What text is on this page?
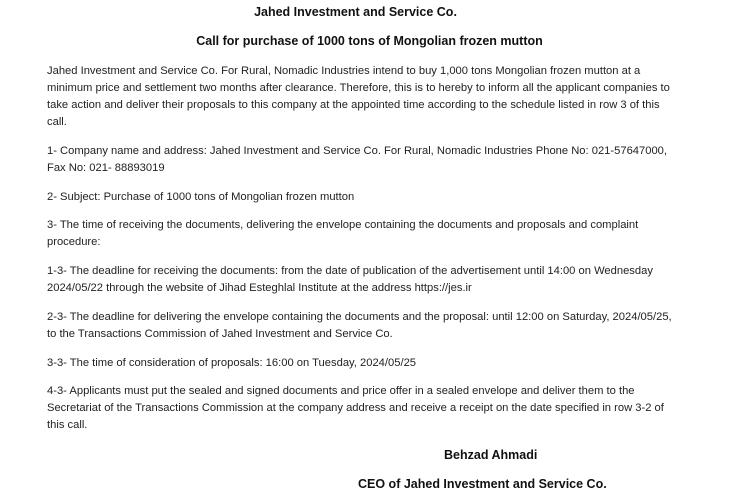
Jahed Investment and Service Co.
Call for purchase of 1000 tons of Mongolian frozen mutton

Jahed Investment and Service Co. For Rural, Nomadic Industries intend to buy 1,000 tons Mongolian frozen mutton at a minimum price and settlement two months after clearance. Therefore, this is to hereby to inform all the applicant companies to take action and deliver their proposals to this company at the appointed time according to the schedule listed in row 3 of this call.

1- Company name and address: Jahed Investment and Service Co. For Rural, Nomadic Industries Phone No: 021-57647000, Fax No: 021- 88893019

2- Subject: Purchase of 1000 tons of Mongolian frozen mutton

3- The time of receiving the documents, delivering the envelope containing the documents and proposals and complaint procedure:

1-3- The deadline for receiving the documents: from the date of publication of the advertisement until 14:00 on Wednesday 2024/05/22 through the website of Jihad Esteghlal Institute at the address https://jes.ir

2-3- The deadline for delivering the envelope containing the documents and the proposal: until 12:00 on Saturday, 2024/05/25, to the Transactions Commission of Jahed Investment and Service Co.

3-3- The time of consideration of proposals: 16:00 on Tuesday, 2024/05/25

4-3- Applicants must put the sealed and signed documents and price offer in a sealed envelope and deliver them to the Secretariat of the Transactions Commission at the company address and receive a receipt on the date specified in row 3-2 of this call.

Behzad Ahmadi
CEO of Jahed Investment and Service Co.
